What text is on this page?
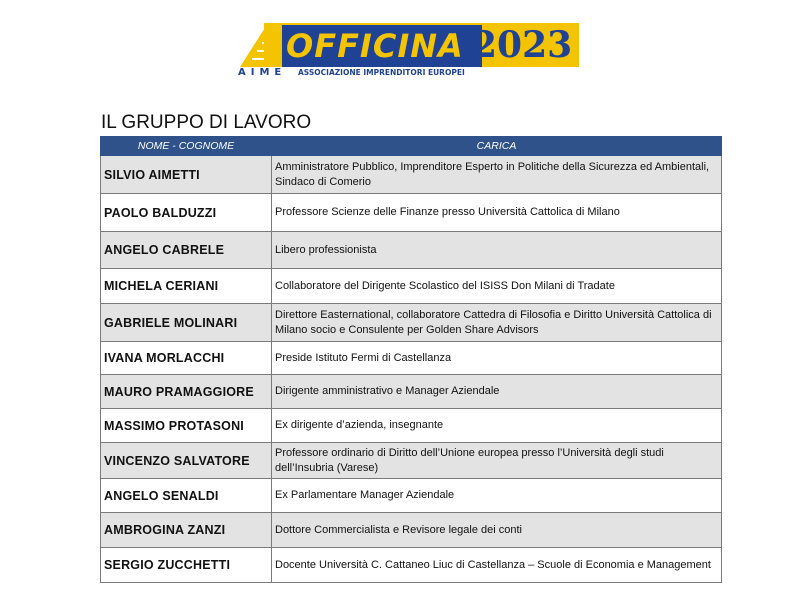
OFFICINA 2023
AIME ASSOCIAZIONE IMPRENDITORI EUROPEI
IL GRUPPO DI LAVORO
NOME - COGNOME	CARICA
SILVIO AIMETTI	Amministratore Pubblico, Imprenditore Esperto in Politiche della Sicurezza ed Ambientali, Sindaco di Comerio
PAOLO BALDUZZI	Professore Scienze delle Finanze presso Università Cattolica di Milano
ANGELO CABRELE	Libero professionista
MICHELA CERIANI	Collaboratore del Dirigente Scolastico del ISISS Don Milani di Tradate
GABRIELE MOLINARI	Direttore Easternational, collaboratore Cattedra di Filosofia e Diritto Università Cattolica di Milano socio e Consulente per Golden Share Advisors
IVANA MORLACCHI	Preside Istituto Fermi di Castellanza
MAURO PRAMAGGIORE	Dirigente amministrativo e Manager Aziendale
MASSIMO PROTASONI	Ex dirigente d’azienda, insegnante
VINCENZO SALVATORE	Professore ordinario di Diritto dell’Unione europea presso l’Università degli studi dell’Insubria (Varese)
ANGELO SENALDI	Ex Parlamentare Manager Aziendale
AMBROGINA ZANZI	Dottore Commercialista e Revisore legale dei conti
SERGIO ZUCCHETTI	Docente Università C. Cattaneo Liuc di Castellanza – Scuole di Economia e Management
